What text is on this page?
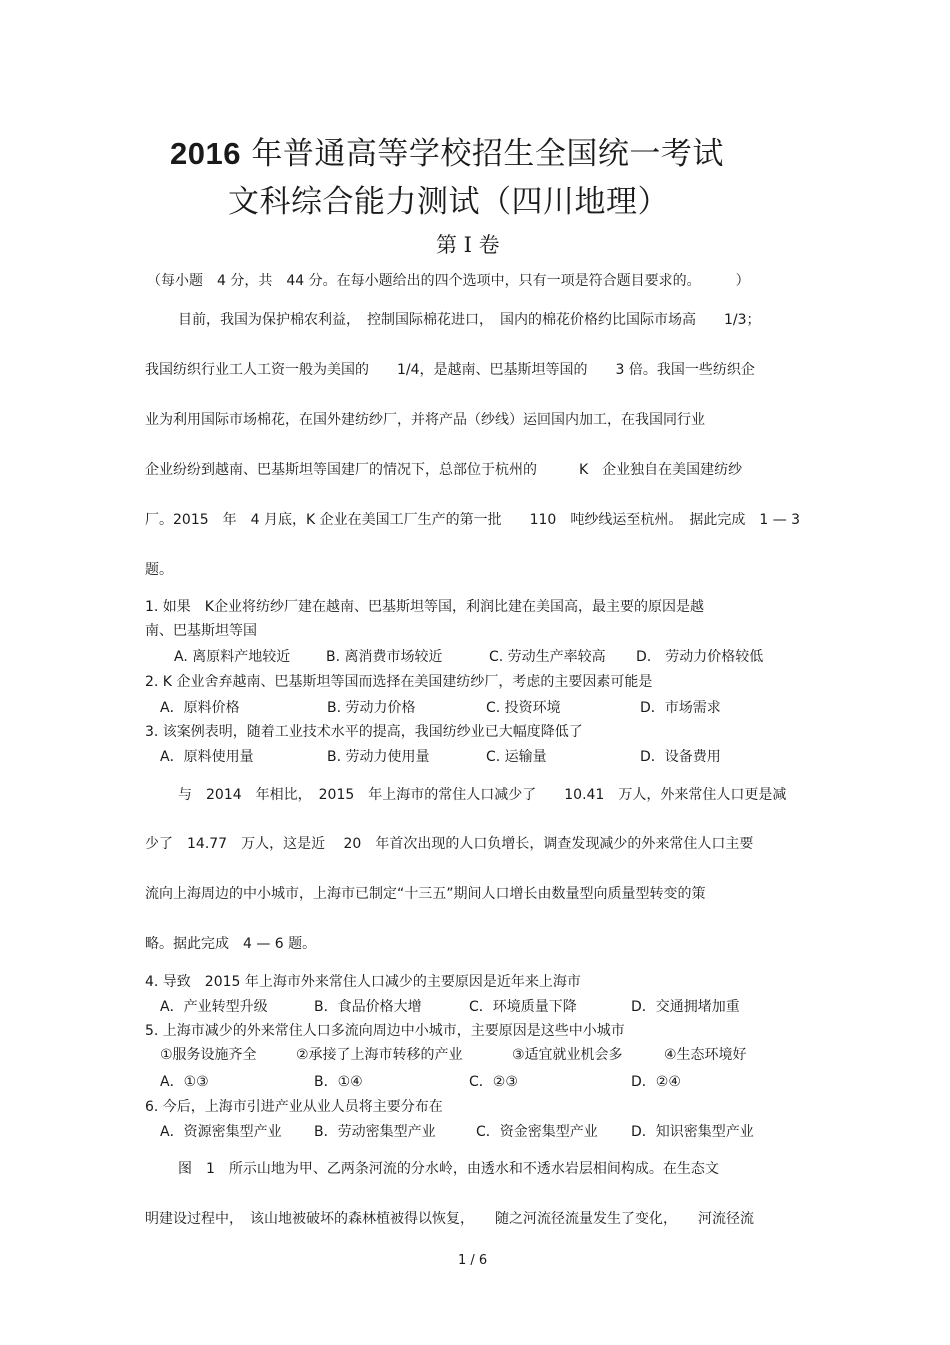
2016 年普通高等学校招生全国统一考试
文科综合能力测试（四川地理）
第 I 卷
（每小题　4 分，共　44 分。在每小题给出的四个选项中，只有一项是符合题目要求的。　　　）
目前，我国为保护棉农利益，　控制国际棉花进口，　国内的棉花价格约比国际市场高　　1/3；
我国纺织行业工人工资一般为美国的　　1/4，是越南、巴基斯坦等国的　　3 倍。我国一些纺织企
业为利用国际市场棉花，在国外建纺纱厂，并将产品（纱线）运回国内加工，在我国同行业
企业纷纷到越南、巴基斯坦等国建厂的情况下，总部位于杭州的　　　K　企业独自在美国建纺纱
厂。2015　年　4 月底，K 企业在美国工厂生产的第一批　　110　吨纱线运至杭州。　据此完成　1 — 3
题。
1. 如果　K企业将纺纱厂建在越南、巴基斯坦等国，利润比建在美国高，最主要的原因是越
南、巴基斯坦等国
A. 离原料产地较近	B. 离消费市场较近	C. 劳动生产率较高 D.　劳动力价格较低
2. K 企业舍弃越南、巴基斯坦等国而选择在美国建纺纱厂，考虑的主要因素可能是
A．原料价格	B. 劳动力价格	C. 投资环境	D．市场需求
3. 该案例表明，随着工业技术水平的提高，我国纺纱业已大幅度降低了
A．原料使用量	B. 劳动力使用量	C. 运输量	D．设备费用
与　2014　年相比，　2015　年上海市的常住人口减少了　　10.41　万人，外来常住人口更是减
少了　14.77　万人，这是近　 20　年首次出现的人口负增长，调查发现减少的外来常住人口主要
流向上海周边的中小城市，上海市已制定“十三五”期间人口增长由数量型向质量型转变的策
略。据此完成　4 — 6 题。
4. 导致　2015 年上海市外来常住人口减少的主要原因是近年来上海市
A．产业转型升级	B．食品价格大增	C．环境质量下降	D．交通拥堵加重
5. 上海市减少的外来常住人口多流向周边中小城市，主要原因是这些中小城市
①服务设施齐全	②承接了上海市转移的产业	③适宜就业机会多	④生态环境好
A．①③	B．①④	C．②③	D．②④
6. 今后，上海市引进产业从业人员将主要分布在
A．资源密集型产业 B．劳动密集型产业	C．资金密集型产业 D．知识密集型产业
图　1　所示山地为甲、乙两条河流的分水岭，由透水和不透水岩层相间构成。在生态文
明建设过程中，　该山地被破坏的森林植被得以恢复，　　随之河流径流量发生了变化，　　河流径流
1 / 6
